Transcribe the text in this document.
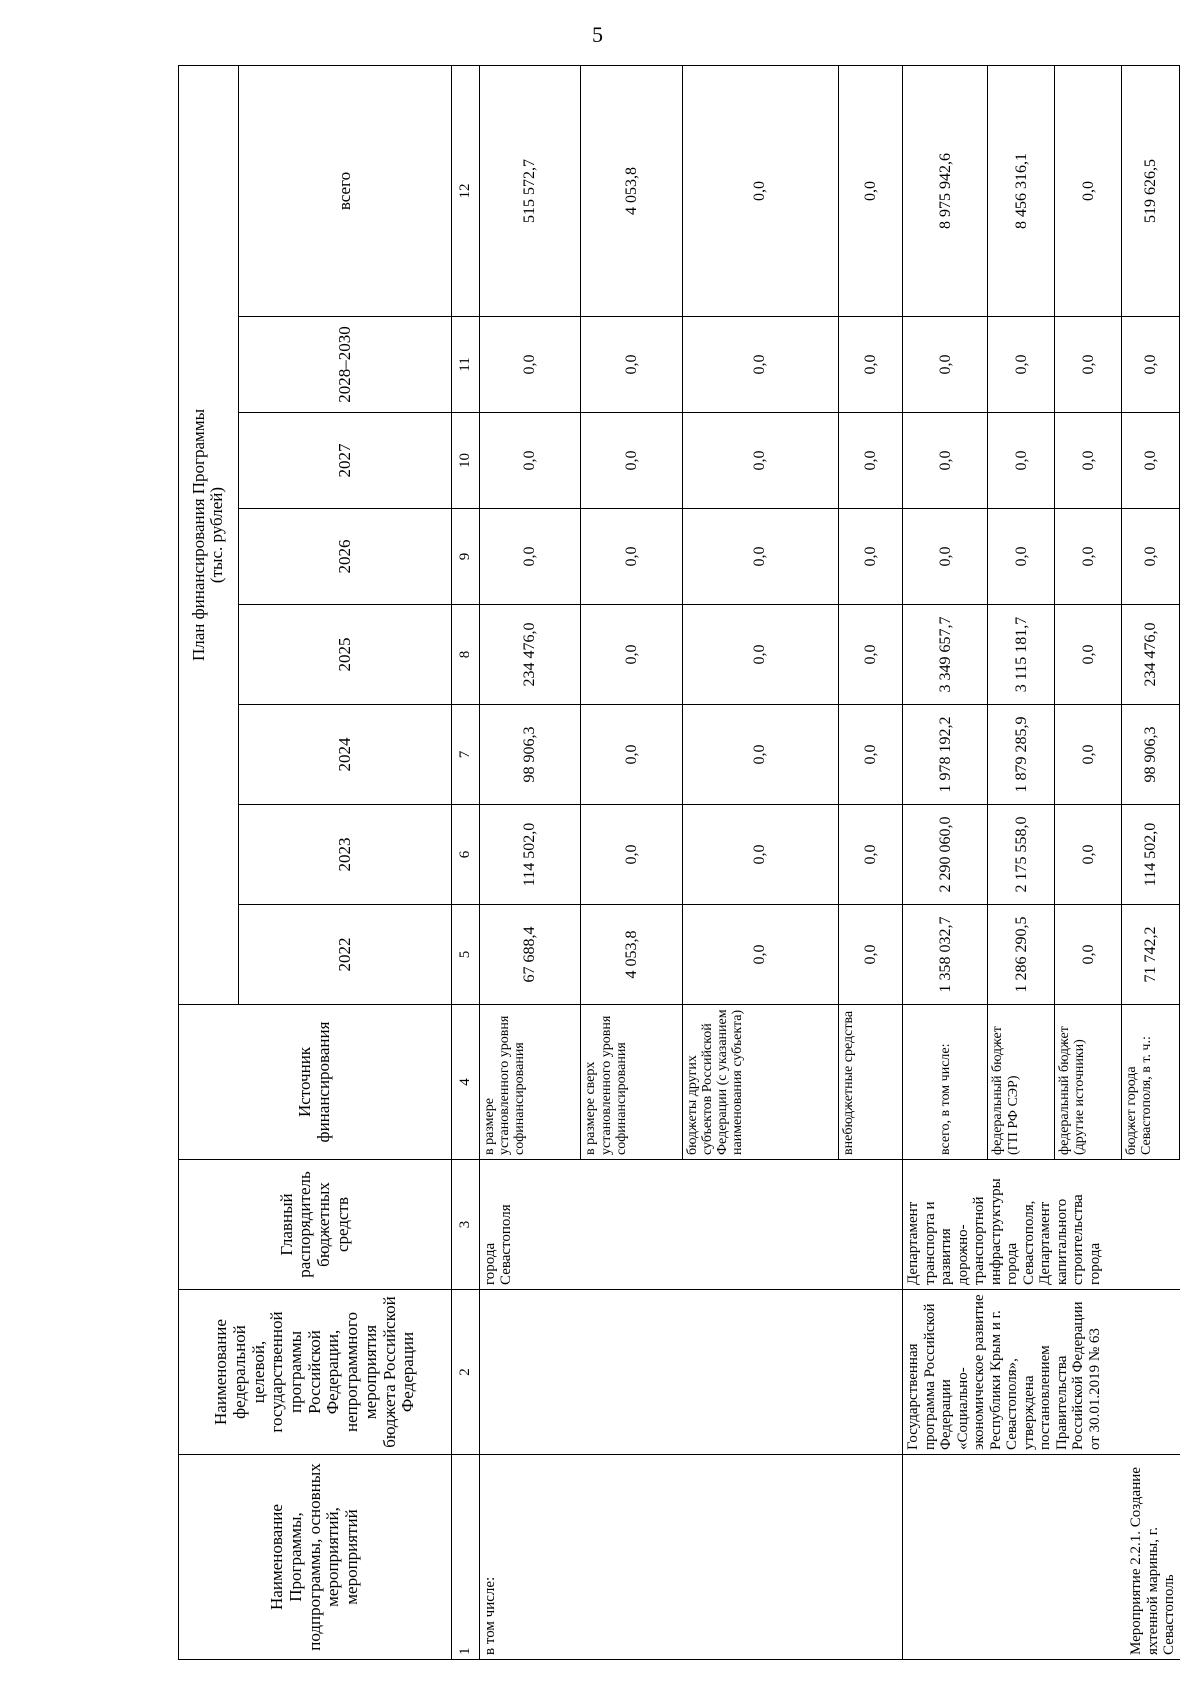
5
Наименование Программы, подпрограммы, основных мероприятий, мероприятий	Наименование федеральной целевой, государственной программы Российской Федерации, непрограммного мероприятия бюджета Российской Федерации	Главный распорядитель бюджетных средств	Источник финансирования	План финансирования Программы
(тыс. рублей)							
				2022	2023	2024	2025	2026	2027	2028–2030	всего
1	2	3	4	5	6	7	8	9	10	11	12
в том числе:		города Севастополя	в размере установленного уровня софинансирования	67 688,4	114 502,0	98 906,3	234 476,0	0,0	0,0	0,0	515 572,7
			в размере сверх установленного уровня софинансирования	4 053,8	0,0	0,0	0,0	0,0	0,0	0,0	4 053,8
			бюджеты других субъектов Российской Федерации (с указанием наименования субъекта)	0,0	0,0	0,0	0,0	0,0	0,0	0,0	0,0
			внебюджетные средства	0,0	0,0	0,0	0,0	0,0	0,0	0,0	0,0
Мероприятие 2.2.1. Создание яхтенной марины, г. Севастополь	Государственная программа Российской Федерации «Социально-экономическое развитие Республики Крым и г. Севастополя», утверждена постановлением Правительства Российской Федерации от 30.01.2019 № 63	Департамент транспорта и развития дорожно-транспортной инфраструктуры города Севастополя, Департамент капитального строительства города	всего, в том числе:	1 358 032,7	2 290 060,0	1 978 192,2	3 349 657,7	0,0	0,0	0,0	8 975 942,6
			федеральный бюджет (ГП РФ СЭР)	1 286 290,5	2 175 558,0	1 879 285,9	3 115 181,7	0,0	0,0	0,0	8 456 316,1
			федеральный бюджет (другие источники)	0,0	0,0	0,0	0,0	0,0	0,0	0,0	0,0
			бюджет города Севастополя, в т. ч.:	71 742,2	114 502,0	98 906,3	234 476,0	0,0	0,0	0,0	519 626,5
